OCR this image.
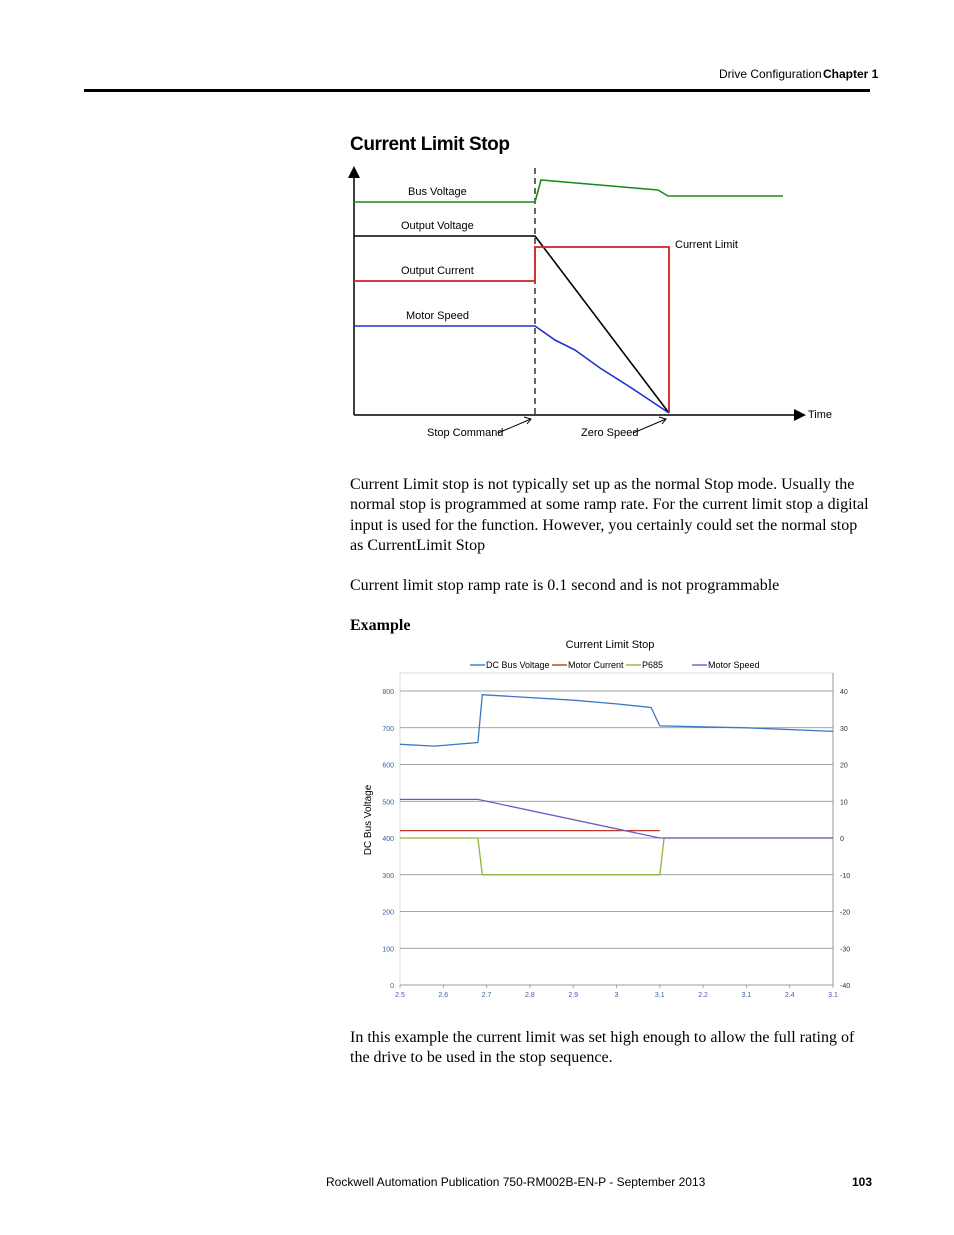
Drive Configuration Chapter 1
Current Limit Stop
Bus Voltage
Output Voltage
Output Current
Motor Speed
Current Limit
Time
Stop Command	Zero Speed

Current Limit stop is not typically set up as the normal Stop mode. Usually the normal stop is programmed at some ramp rate. For the current limit stop a digital input is used for the function. However, you certainly could set the normal stop as CurrentLimit Stop

Current limit stop ramp rate is 0.1 second and is not programmable

Example
Current Limit Stop
DC Bus Voltage Motor Current P685	Motor Speed
DC Bus Voltage
0
100
200
300
400
500
600
700
800	40
30
20
10
0
-10
-20
-30
-40
2.5	2.6	2.7	2.8	2.9	3	3.1	2.2	3.1	2.4	3.1

In this example the current limit was set high enough to allow the full rating of the drive to be used in the stop sequence.

Rockwell Automation Publication 750-RM002B-EN-P - September 2013	103
